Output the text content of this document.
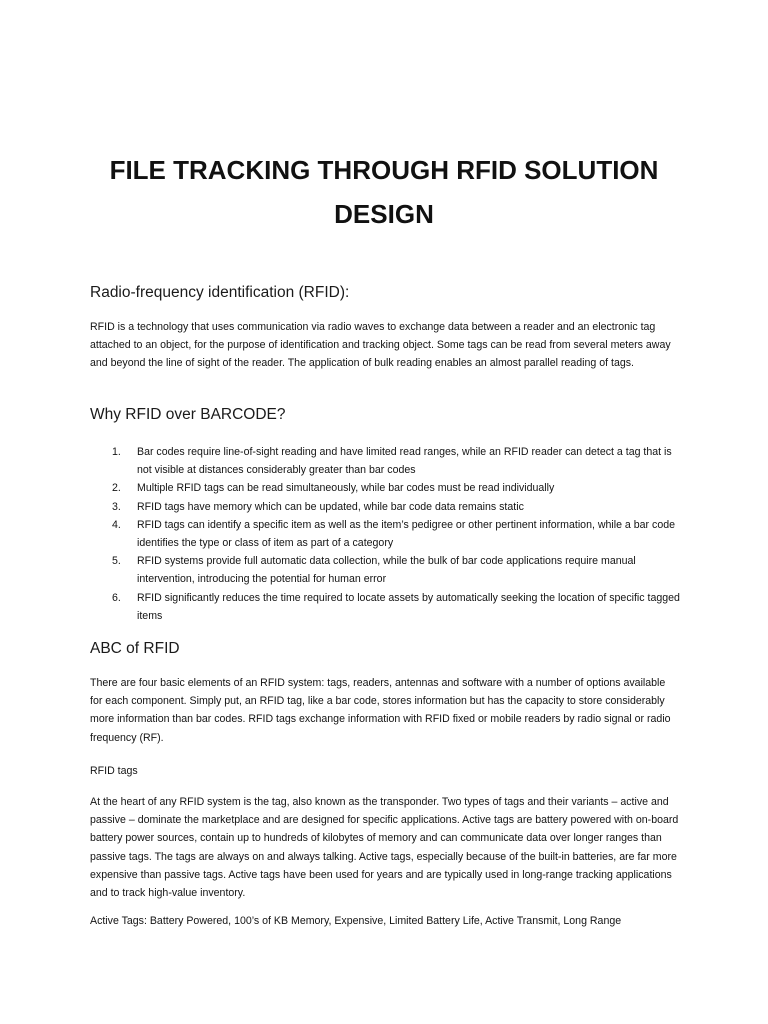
FILE TRACKING THROUGH RFID SOLUTION
DESIGN
Radio-frequency identification (RFID):

RFID is a technology that uses communication via radio waves to exchange data between a reader and an electronic tag attached to an object, for the purpose of identification and tracking object. Some tags can be read from several meters away and beyond the line of sight of the reader. The application of bulk reading enables an almost parallel reading of tags.

Why RFID over BARCODE?
1. Bar codes require line-of-sight reading and have limited read ranges, while an RFID reader can detect a tag that is not visible at distances considerably greater than bar codes
2. Multiple RFID tags can be read simultaneously, while bar codes must be read individually
3. RFID tags have memory which can be updated, while bar code data remains static
4. RFID tags can identify a specific item as well as the item’s pedigree or other pertinent information, while a bar code identifies the type or class of item as part of a category
5. RFID systems provide full automatic data collection, while the bulk of bar code applications require manual intervention, introducing the potential for human error
6. RFID significantly reduces the time required to locate assets by automatically seeking the location of specific tagged items
ABC of RFID

There are four basic elements of an RFID system: tags, readers, antennas and software with a number of options available for each component. Simply put, an RFID tag, like a bar code, stores information but has the capacity to store considerably more information than bar codes. RFID tags exchange information with RFID fixed or mobile readers by radio signal or radio frequency (RF).

RFID tags

At the heart of any RFID system is the tag, also known as the transponder. Two types of tags and their variants – active and passive – dominate the marketplace and are designed for specific applications. Active tags are battery powered with on-board battery power sources, contain up to hundreds of kilobytes of memory and can communicate data over longer ranges than passive tags. The tags are always on and always talking. Active tags, especially because of the built-in batteries, are far more expensive than passive tags. Active tags have been used for years and are typically used in long-range tracking applications and to track high-value inventory.

Active Tags: Battery Powered, 100’s of KB Memory, Expensive, Limited Battery Life, Active Transmit, Long Range
